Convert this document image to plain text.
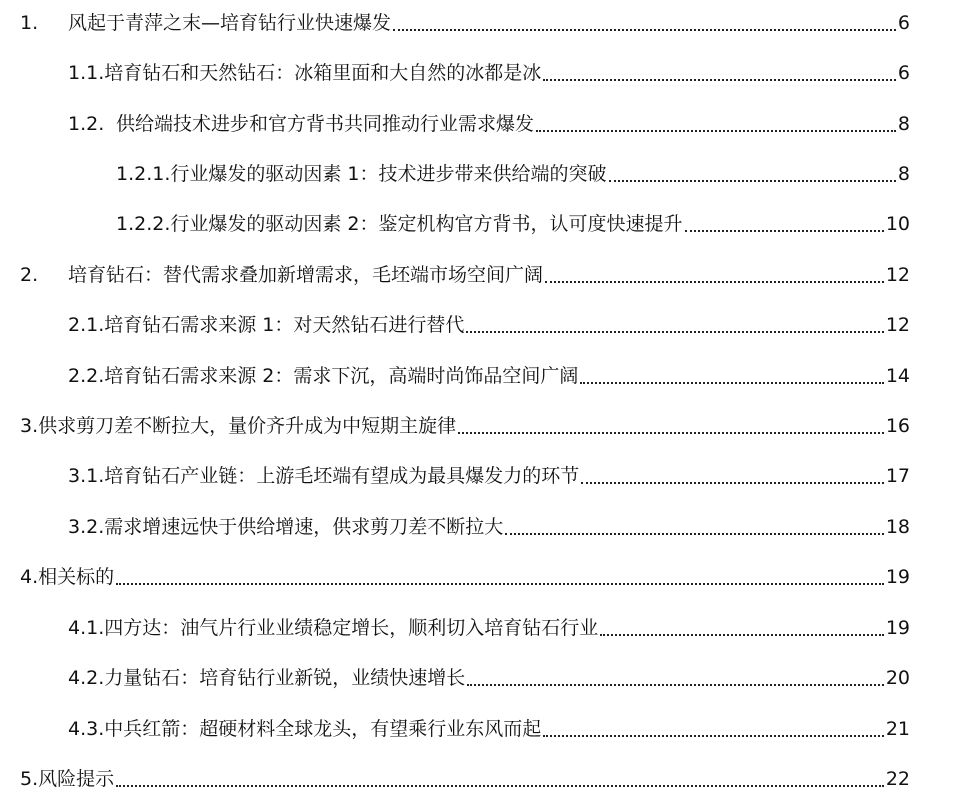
1.	风起于青萍之末—培育钻行业快速爆发	6
1.1. 培育钻石和天然钻石：冰箱里面和大自然的冰都是冰	6
1.2. 供给端技术进步和官方背书共同推动行业需求爆发	8
1.2.1. 行业爆发的驱动因素 1：技术进步带来供给端的突破	8
1.2.2. 行业爆发的驱动因素 2：鉴定机构官方背书，认可度快速提升	10
2.	培育钻石：替代需求叠加新增需求，毛坯端市场空间广阔	12
2.1. 培育钻石需求来源 1：对天然钻石进行替代	12
2.2. 培育钻石需求来源 2：需求下沉，高端时尚饰品空间广阔	14
3. 供求剪刀差不断拉大，量价齐升成为中短期主旋律	16
3.1. 培育钻石产业链：上游毛坯端有望成为最具爆发力的环节	17
3.2. 需求增速远快于供给增速，供求剪刀差不断拉大	18
4. 相关标的	19
4.1. 四方达：油气片行业业绩稳定增长，顺利切入培育钻石行业	19
4.2. 力量钻石：培育钻行业新锐，业绩快速增长	20
4.3. 中兵红箭：超硬材料全球龙头，有望乘行业东风而起	21
5. 风险提示	22
